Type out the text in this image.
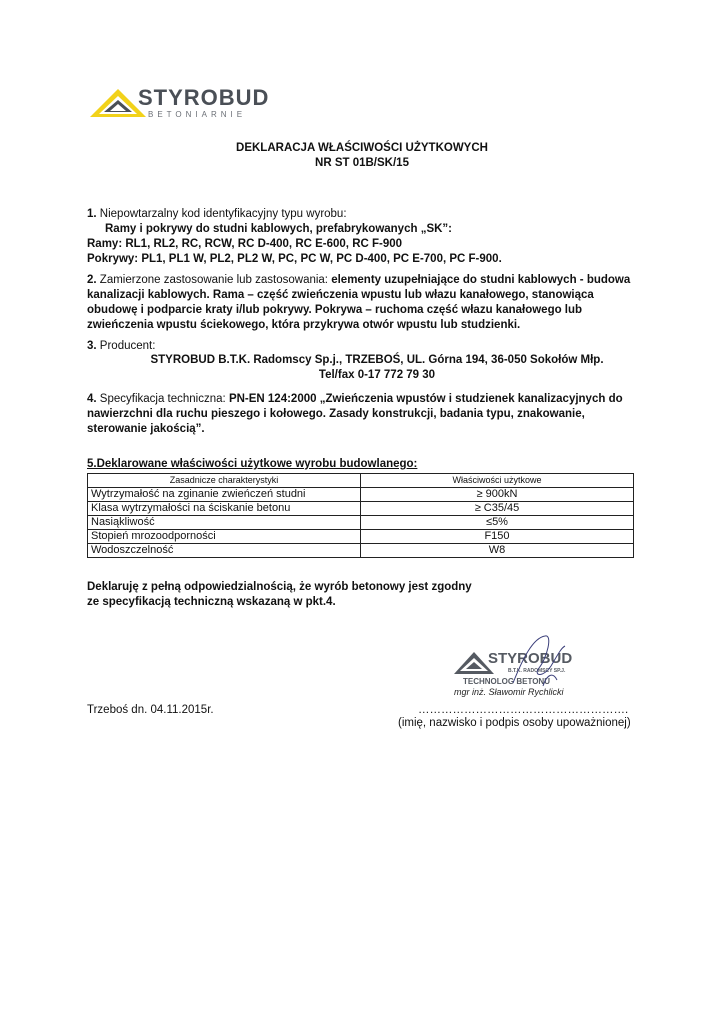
STYROBUD
BETONIARNIE
DEKLARACJA WŁAŚCIWOŚCI UŻYTKOWYCH
NR ST 01B/SK/15
1. Niepowtarzalny kod identyfikacyjny typu wyrobu:
Ramy i pokrywy do studni kablowych, prefabrykowanych „SK”:
Ramy: RL1, RL2, RC, RCW, RC D-400, RC E-600, RC F-900
Pokrywy: PL1, PL1 W, PL2, PL2 W, PC, PC W, PC D-400, PC E-700, PC F-900.
2. Zamierzone zastosowanie lub zastosowania: elementy uzupełniające do studni kablowych - budowa
kanalizacji kablowych. Rama – część zwieńczenia wpustu lub włazu kanałowego, stanowiąca
obudowę i podparcie kraty i/lub pokrywy. Pokrywa – ruchoma część włazu kanałowego lub
zwieńczenia wpustu ściekowego, która przykrywa otwór wpustu lub studzienki.
3. Producent:
STYROBUD B.T.K. Radomscy Sp.j., TRZEBOŚ, UL. Górna 194, 36-050 Sokołów Młp.
Tel/fax 0-17 772 79 30
4. Specyfikacja techniczna: PN-EN 124:2000 „Zwieńczenia wpustów i studzienek kanalizacyjnych do
nawierzchni dla ruchu pieszego i kołowego. Zasady konstrukcji, badania typu, znakowanie,
sterowanie jakością”.
5.Deklarowane właściwości użytkowe wyrobu budowlanego:
Zasadnicze charakterystyki	Właściwości użytkowe
Wytrzymałość na zginanie zwieńczeń studni	≥ 900kN
Klasa wytrzymałości na ściskanie betonu	≥ C35/45
Nasiąkliwość	≤5%
Stopień mrozoodporności	F150
Wodoszczelność	W8
Deklaruję z pełną odpowiedzialnością, że wyrób betonowy jest zgodny
ze specyfikacją techniczną wskazaną w pkt.4.
STYROBUD
B.T.K. RADOMSCY SP.J.
TECHNOLOG BETONU
mgr inż. Sławomir Rychlicki
Trzeboś dn. 04.11.2015r.	……………………………………………….
(imię, nazwisko i podpis osoby upoważnionej)
